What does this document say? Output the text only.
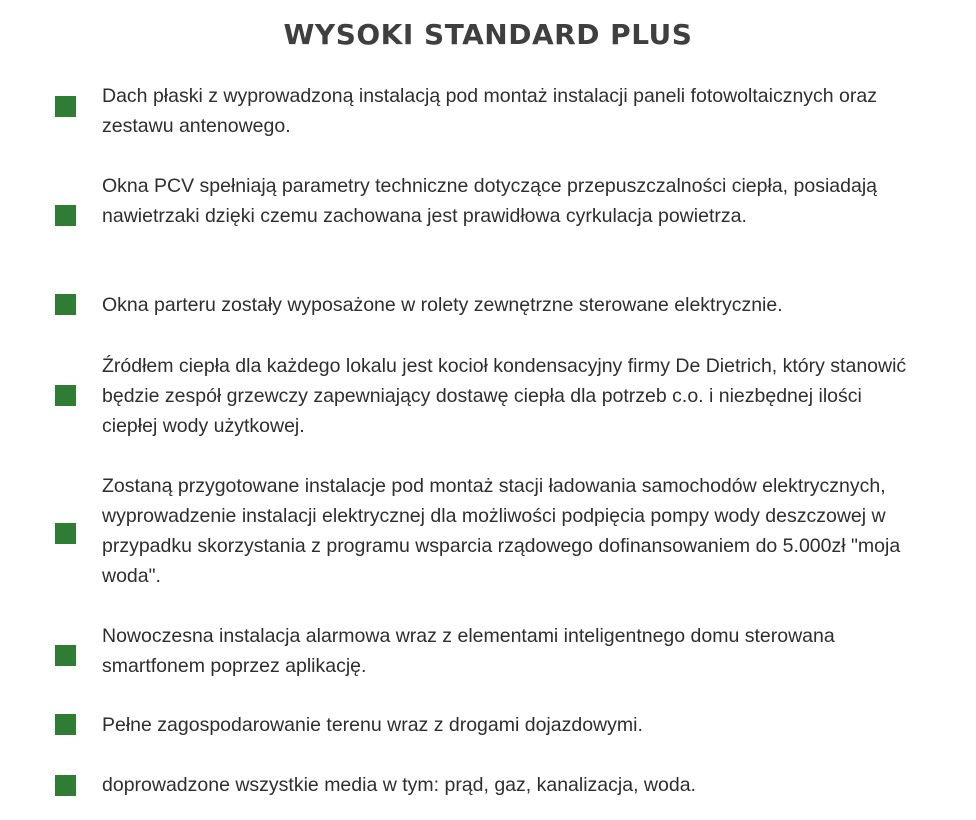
WYSOKI STANDARD PLUS

Dach płaski z wyprowadzoną instalacją pod montaż instalacji paneli fotowoltaicznych oraz zestawu antenowego.

Okna PCV spełniają parametry techniczne dotyczące przepuszczalności ciepła, posiadają nawietrzaki dzięki czemu zachowana jest prawidłowa cyrkulacja powietrza.

Okna parteru zostały wyposażone w rolety zewnętrzne sterowane elektrycznie.

Źródłem ciepła dla każdego lokalu jest kocioł kondensacyjny firmy De Dietrich, który stanowić będzie zespół grzewczy zapewniający dostawę ciepła dla potrzeb c.o. i niezbędnej ilości ciepłej wody użytkowej.

Zostaną przygotowane instalacje pod montaż stacji ładowania samochodów elektrycznych, wyprowadzenie instalacji elektrycznej dla możliwości podpięcia pompy wody deszczowej w przypadku skorzystania z programu wsparcia rządowego dofinansowaniem do 5.000zł "moja woda".

Nowoczesna instalacja alarmowa wraz z elementami inteligentnego domu sterowana smartfonem poprzez aplikację.

Pełne zagospodarowanie terenu wraz z drogami dojazdowymi.

doprowadzone wszystkie media w tym: prąd, gaz, kanalizacja, woda.
